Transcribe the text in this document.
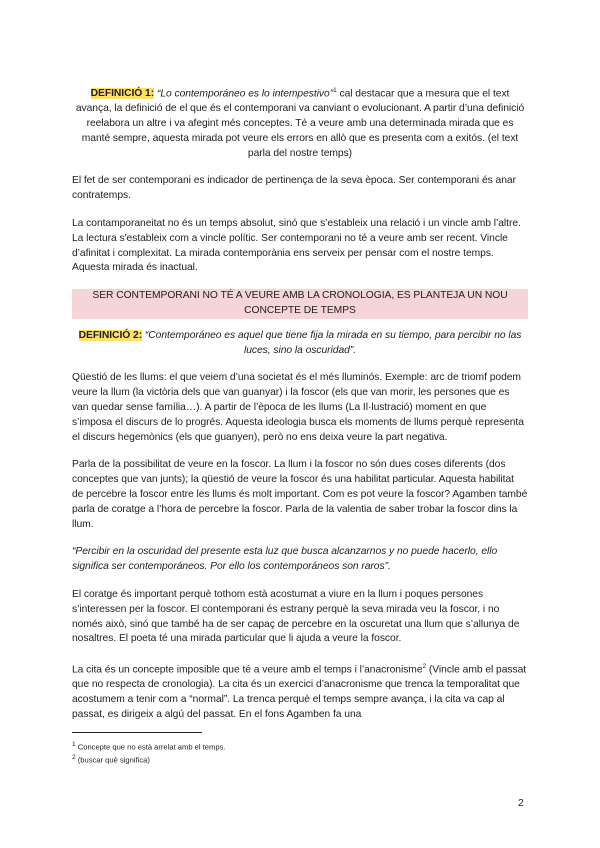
DEFINICIÓ 1: “Lo contemporáneo es lo intempestivo”$^1$ cal destacar que a mesura que el text avança, la definició de el que és el contemporani va canviant o evolucionant. A partir d’una definició reelabora un altre i va afegint més conceptes. Té a veure amb una determinada mirada que es manté sempre, aquesta mirada pot veure els errors en allò que es presenta com a exitós. (el text parla del nostre temps)

El fet de ser contemporani es indicador de pertinença de la seva època. Ser contemporani és anar contratemps.

La contamporaneitat no és un temps absolut, sinó que s’estableix una relació i un vincle amb l’altre. La lectura s'estableix com a vincle polític. Ser contemporani no té a veure amb ser recent. Vincle d’afinitat i complexitat. La mirada contemporània ens serveix per pensar com el nostre temps. Aquesta mirada és inactual.

SER CONTEMPORANI NO TÉ A VEURE AMB LA CRONOLOGIA, ES PLANTEJA UN NOU CONCEPTE DE TEMPS

DEFINICIÓ 2: “Contemporáneo es aquel que tiene fija la mirada en su tiempo, para percibir no las luces, sino la oscuridad”.

Qüestió de les llums: el que veiem d’una societat és el més lluminós. Exemple: arc de triomf podem veure la llum (la victòria dels que van guanyar) i la foscor (els que van morir, les persones que es van quedar sense família…). A partir de l’època de les llums (La Il·lustració) moment en que s’imposa el discurs de lo progrés. Aquesta ideologia busca els moments de llums perquè representa el discurs hegemònics (els que guanyen), però no ens deixa veure la part negativa.

Parla de la possibilitat de veure en la foscor. La llum i la foscor no són dues coses diferents (dos conceptes que van junts); la qüestió de veure la foscor és una habilitat particular. Aquesta habilitat de percebre la foscor entre les llums és molt important. Com es pot veure la foscor? Agamben també parla de coratge a l’hora de percebre la foscor. Parla de la valentia de saber trobar la foscor dins la llum.

“Percibir en la oscuridad del presente esta luz que busca alcanzarnos y no puede hacerlo, ello significa ser contemporáneos. Por ello los contemporáneos son raros”.

El coratge és important perquè tothom està acostumat a viure en la llum i poques persones s’interessen per la foscor. El contemporani és estrany perquè la seva mirada veu la foscor, i no només això, sinó que també ha de ser capaç de percebre en la oscuretat una llum que s’allunya de nosaltres. El poeta té una mirada particular que li ajuda a veure la foscor.

La cita és un concepte imposible que té a veure amb el temps i l’anacronisme$^2$ (Vincle amb el passat que no respecta de cronologia). La cita és un exercici d’anacronisme que trenca la temporalitat que acostumem a tenir com a “normal”. La trenca perquè el temps sempre avança, i la cita va cap al passat, es dirigeix a algú del passat. En el fons Agamben fa una

$^1$ Concepte que no està arrelat amb el temps.
$^2$ (buscar què significa)
2
